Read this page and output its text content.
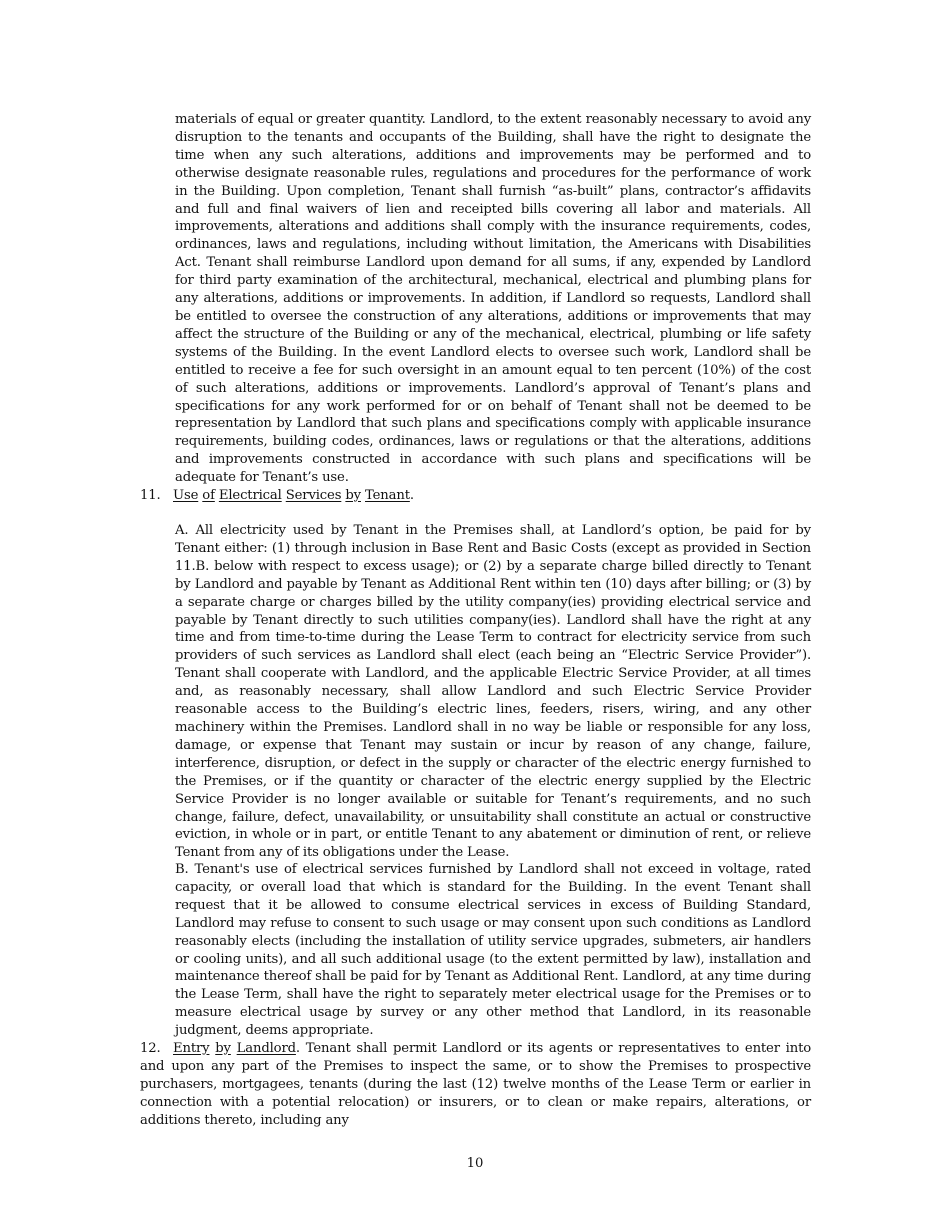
materials of equal or greater quantity. Landlord, to the extent reasonably necessary to avoid any disruption to the tenants and occupants of the Building, shall have the right to designate the time when any such alterations, additions and improvements may be performed and to otherwise designate reasonable rules, regulations and procedures for the performance of work in the Building. Upon completion, Tenant shall furnish “as-built” plans, contractor’s affidavits and full and final waivers of lien and receipted bills covering all labor and materials. All improvements, alterations and additions shall comply with the insurance requirements, codes, ordinances, laws and regulations, including without limitation, the Americans with Disabilities Act. Tenant shall reimburse Landlord upon demand for all sums, if any, expended by Landlord for third party examination of the architectural, mechanical, electrical and plumbing plans for any alterations, additions or improvements. In addition, if Landlord so requests, Landlord shall be entitled to oversee the construction of any alterations, additions or improvements that may affect the structure of the Building or any of the mechanical, electrical, plumbing or life safety systems of the Building. In the event Landlord elects to oversee such work, Landlord shall be entitled to receive a fee for such oversight in an amount equal to ten percent (10%) of the cost of such alterations, additions or improvements. Landlord’s approval of Tenant’s plans and specifications for any work performed for or on behalf of Tenant shall not be deemed to be representation by Landlord that such plans and specifications comply with applicable insurance requirements, building codes, ordinances, laws or regulations or that the alterations, additions and improvements constructed in accordance with such plans and specifications will be adequate for Tenant’s use.

11. Use of Electrical Services by Tenant.

A. All electricity used by Tenant in the Premises shall, at Landlord’s option, be paid for by Tenant either: (1) through inclusion in Base Rent and Basic Costs (except as provided in Section 11.B. below with respect to excess usage); or (2) by a separate charge billed directly to Tenant by Landlord and payable by Tenant as Additional Rent within ten (10) days after billing; or (3) by a separate charge or charges billed by the utility company(ies) providing electrical service and payable by Tenant directly to such utilities company(ies). Landlord shall have the right at any time and from time-to-time during the Lease Term to contract for electricity service from such providers of such services as Landlord shall elect (each being an “Electric Service Provider”). Tenant shall cooperate with Landlord, and the applicable Electric Service Provider, at all times and, as reasonably necessary, shall allow Landlord and such Electric Service Provider reasonable access to the Building’s electric lines, feeders, risers, wiring, and any other machinery within the Premises. Landlord shall in no way be liable or responsible for any loss, damage, or expense that Tenant may sustain or incur by reason of any change, failure, interference, disruption, or defect in the supply or character of the electric energy furnished to the Premises, or if the quantity or character of the electric energy supplied by the Electric Service Provider is no longer available or suitable for Tenant’s requirements, and no such change, failure, defect, unavailability, or unsuitability shall constitute an actual or constructive eviction, in whole or in part, or entitle Tenant to any abatement or diminution of rent, or relieve Tenant from any of its obligations under the Lease.

B. Tenant's use of electrical services furnished by Landlord shall not exceed in voltage, rated capacity, or overall load that which is standard for the Building. In the event Tenant shall request that it be allowed to consume electrical services in excess of Building Standard, Landlord may refuse to consent to such usage or may consent upon such conditions as Landlord reasonably elects (including the installation of utility service upgrades, submeters, air handlers or cooling units), and all such additional usage (to the extent permitted by law), installation and maintenance thereof shall be paid for by Tenant as Additional Rent. Landlord, at any time during the Lease Term, shall have the right to separately meter electrical usage for the Premises or to measure electrical usage by survey or any other method that Landlord, in its reasonable judgment, deems appropriate.

12. Entry by Landlord. Tenant shall permit Landlord or its agents or representatives to enter into and upon any part of the Premises to inspect the same, or to show the Premises to prospective purchasers, mortgagees, tenants (during the last (12) twelve months of the Lease Term or earlier in connection with a potential relocation) or insurers, or to clean or make repairs, alterations, or additions thereto, including any

10
